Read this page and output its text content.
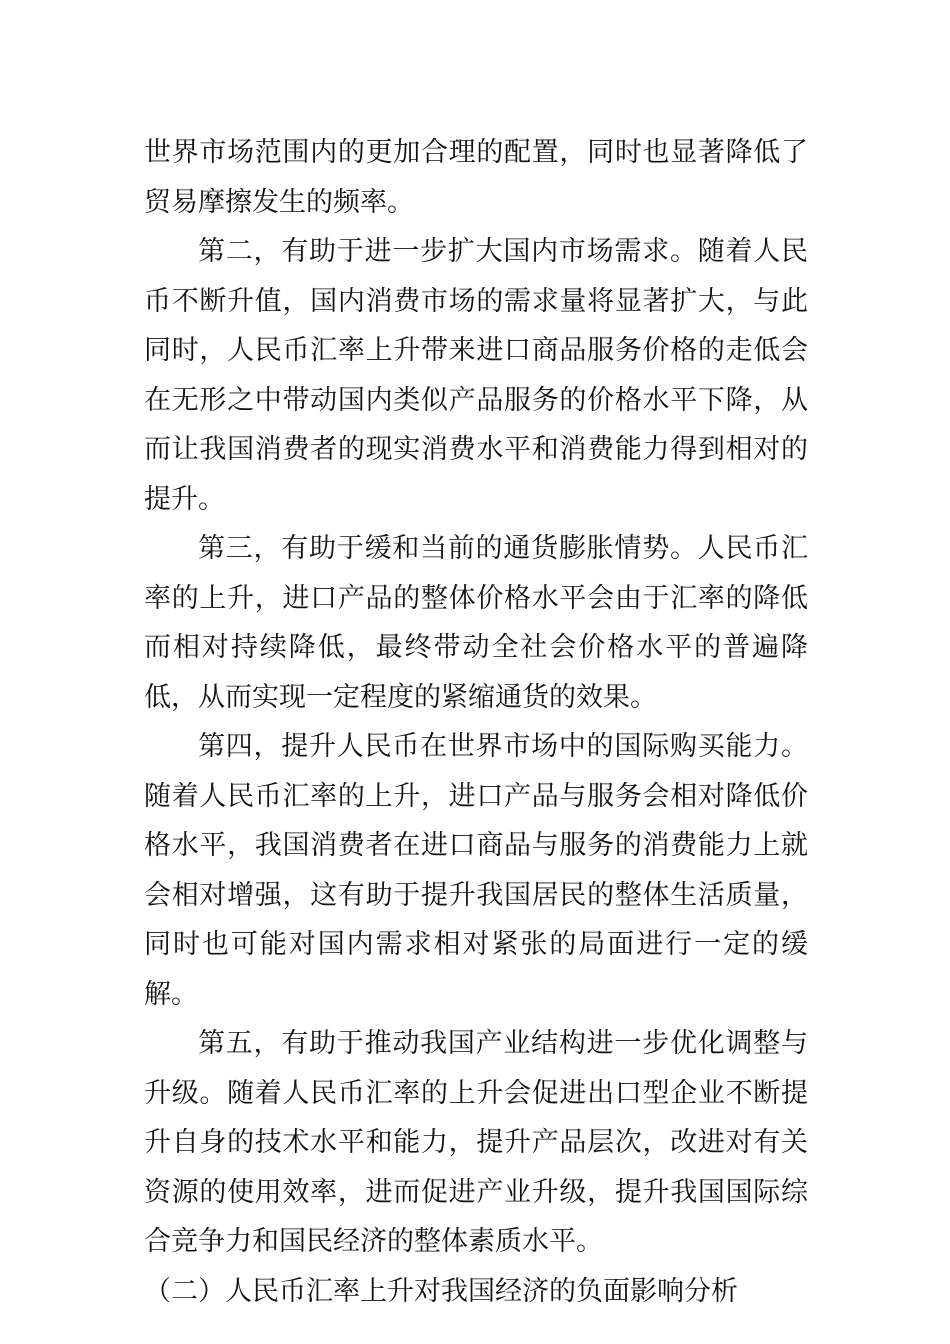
世界市场范围内的更加合理的配置，同时也显著降低了贸易摩擦发生的频率。

第二，有助于进一步扩大国内市场需求。随着人民币不断升值，国内消费市场的需求量将显著扩大，与此同时，人民币汇率上升带来进口商品服务价格的走低会在无形之中带动国内类似产品服务的价格水平下降，从而让我国消费者的现实消费水平和消费能力得到相对的提升。

第三，有助于缓和当前的通货膨胀情势。人民币汇率的上升，进口产品的整体价格水平会由于汇率的降低而相对持续降低，最终带动全社会价格水平的普遍降低，从而实现一定程度的紧缩通货的效果。

第四，提升人民币在世界市场中的国际购买能力。随着人民币汇率的上升，进口产品与服务会相对降低价格水平，我国消费者在进口商品与服务的消费能力上就会相对增强，这有助于提升我国居民的整体生活质量，同时也可能对国内需求相对紧张的局面进行一定的缓解。

第五，有助于推动我国产业结构进一步优化调整与升级。随着人民币汇率的上升会促进出口型企业不断提升自身的技术水平和能力，提升产品层次，改进对有关资源的使用效率，进而促进产业升级，提升我国国际综合竞争力和国民经济的整体素质水平。

（二）人民币汇率上升对我国经济的负面影响分析
